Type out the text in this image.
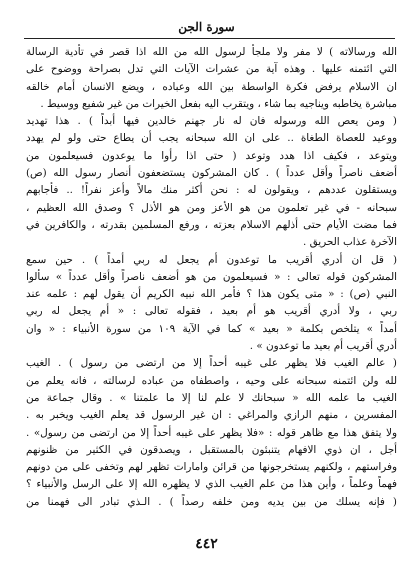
سورة الجن
الله ورسالاته ) لا مفر ولا ملجأ لرسول الله من الله اذا قصر في تأدية الرسالة
التي ائتمنه عليها . وهذه آية من عشرات الآيات التي تدل بصراحة ووضوح على
ان الاسلام يرفض فكرة الواسطة بين الله وعباده ، ويضع الانسان أمام خالقه
مباشرة يخاطبه ويناجيه بما شاء ، ويتقرب اليه بفعل الخيرات من غير شفيع ووسيط .
( ومن يعص الله ورسوله فان له نار جهنم خالدين فيها أبداً ) . هذا تهديد
ووعيد للعصاة الطغاة .. على ان الله سبحانه يجب أن يطاع حتى ولو لم يهدد
ويتوعد ، فكيف اذا هدد وتوعد ( حتى اذا رأوا ما يوعدون فسيعلمون من
أضعف ناصراً وأقل عدداً ) . كان المشركون يستضعفون أنصار رسول الله (ص)
ويستقلون عددهم ، ويقولون له : نحن أكثر منك مالاً وأعز نفراً! .. فأجابهم
سبحانه - في غير تعلمون من هو الأعز ومن هو الأذل ؟ وصدق الله العظيم ،
فما مضت الأيام حتى أذلهم الاسلام بعزته ، ورفع المسلمين بقدرته ، والكافرين في
الآخرة عذاب الحريق .
( قل ان أدري أقريب ما توعدون أم يجعل له ربي أمداً ) . حين سمع
المشركون قوله تعالى : « فسيعلمون من هو أضعف ناصراً وأقل عدداً » سألوا
النبي (ص) : « متى يكون هذا ؟ فأمر الله نبيه الكريم أن يقول لهم : علمه عند
ربي ، ولا أدري أقريب هو أم بعيد ، فقوله تعالى : « أم يجعل له ربي
أمداً » يتلخص بكلمة « بعيد » كما في الآية ١٠٩ من سورة الأنبياء : « وان
أدري أقريب أم بعيد ما توعدون » .
( عالم الغيب فلا يظهر على غيبه أحداً إلا من ارتضى من رسول ) . الغيب
لله ولن ائتمنه سبحانه على وحيه ، واصطفاه من عباده لرسالته ، فانه يعلم من
الغيب ما علمه الله « سبحانك لا علم لنا إلا ما علمتنا » . وقال جماعة من
المفسرين ، منهم الرازي والمراغي : ان غير الرسول قد يعلم الغيب ويخبر به .
ولا يتفق هذا مع ظاهر قوله : «فلا يظهر على غيبه أحداً إلا من ارتضى من رسول» .
أجل ، ان ذوي الافهام يتنبئون بالمستقبل ، ويصدقون في الكثير من ظنونهم
وفراستهم ، ولكنهم يستخرجونها من قرائن وامارات تظهر لهم وتخفى على من دونهم
فهماً وعلماً ، وأين هذا من علم الغيب الذي لا يظهره الله إلا على الرسل والأنبياء ؟
( فإنه يسلك من بين يديه ومن خلفه رصداً ) . الـذي تبادر الى فهمنا من
٤٤٢
